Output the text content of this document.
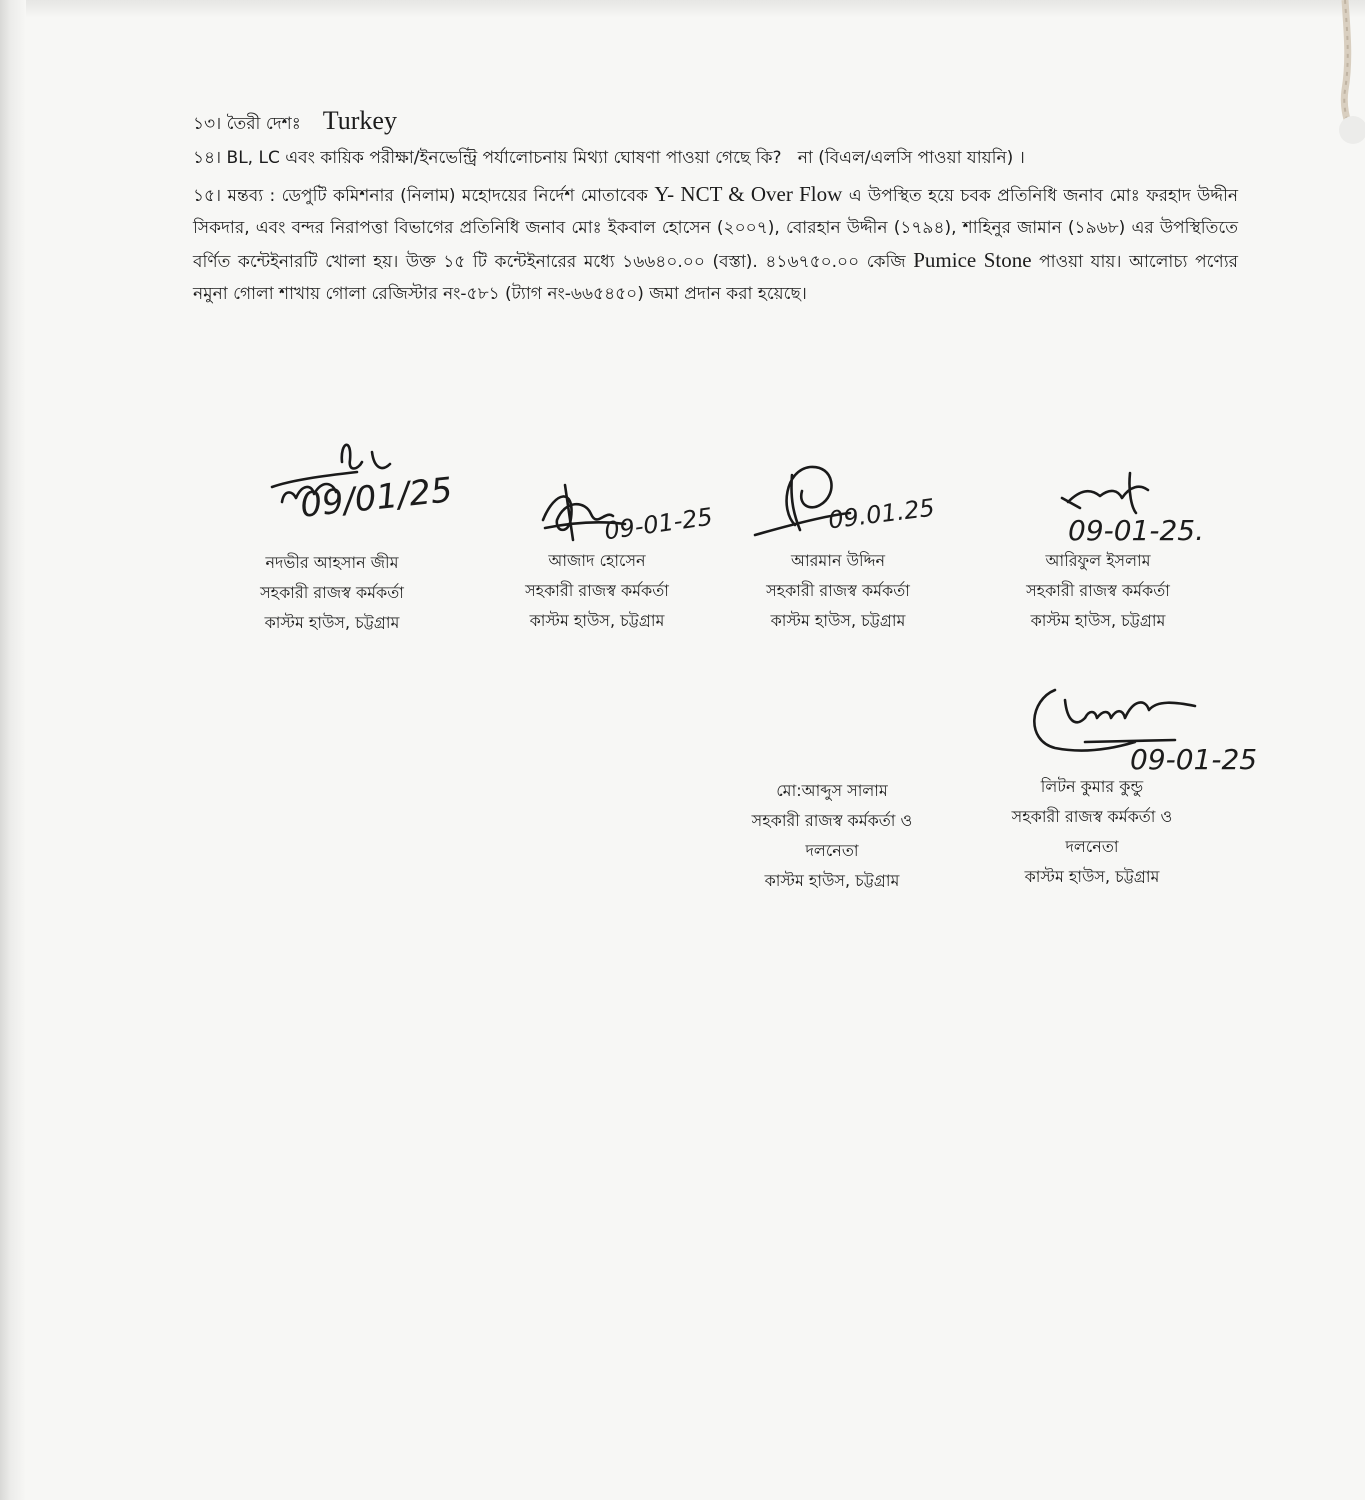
১৩। তৈরী দেশঃ Turkey

১৪। BL, LC এবং কায়িক পরীক্ষা/ইনভেন্ট্রি পর্যালোচনায় মিথ্যা ঘোষণা পাওয়া গেছে কি? না (বিএল/এলসি পাওয়া যায়নি) ।

১৫। মন্তব্য : ডেপুটি কমিশনার (নিলাম) মহোদয়ের নির্দেশ মোতাবেক Y- NCT & Over Flow এ উপস্থিত হয়ে চবক প্রতিনিধি জনাব মোঃ ফরহাদ উদ্দীন সিকদার, এবং বন্দর নিরাপত্তা বিভাগের প্রতিনিধি জনাব মোঃ ইকবাল হোসেন (২০০৭), বোরহান উদ্দীন (১৭৯৪), শাহিনুর জামান (১৯৬৮) এর উপস্থিতিতে বর্ণিত কন্টেইনারটি খোলা হয়। উক্ত ১৫ টি কন্টেইনারের মধ্যে ১৬৬৪০.০০ (বস্তা). ৪১৬৭৫০.০০ কেজি Pumice Stone পাওয়া যায়। আলোচ্য পণ্যের নমুনা গোলা শাখায় গোলা রেজিস্টার নং-৫৮১ (ট্যাগ নং-৬৬৫৪৫০) জমা প্রদান করা হয়েছে।

09/01/25	09-01-25	09.01.25	09-01-25.
09-01-25
নদভীর আহসান জীম
সহকারী রাজস্ব কর্মকর্তা
কাস্টম হাউস, চট্টগ্রাম
আজাদ হোসেন
সহকারী রাজস্ব কর্মকর্তা
কাস্টম হাউস, চট্টগ্রাম
আরমান উদ্দিন
সহকারী রাজস্ব কর্মকর্তা
কাস্টম হাউস, চট্টগ্রাম
আরিফুল ইসলাম
সহকারী রাজস্ব কর্মকর্তা
কাস্টম হাউস, চট্টগ্রাম
মো:আব্দুস সালাম
সহকারী রাজস্ব কর্মকর্তা ও
দলনেতা
কাস্টম হাউস, চট্টগ্রাম
লিটন কুমার কুন্ডু
সহকারী রাজস্ব কর্মকর্তা ও
দলনেতা
কাস্টম হাউস, চট্টগ্রাম
